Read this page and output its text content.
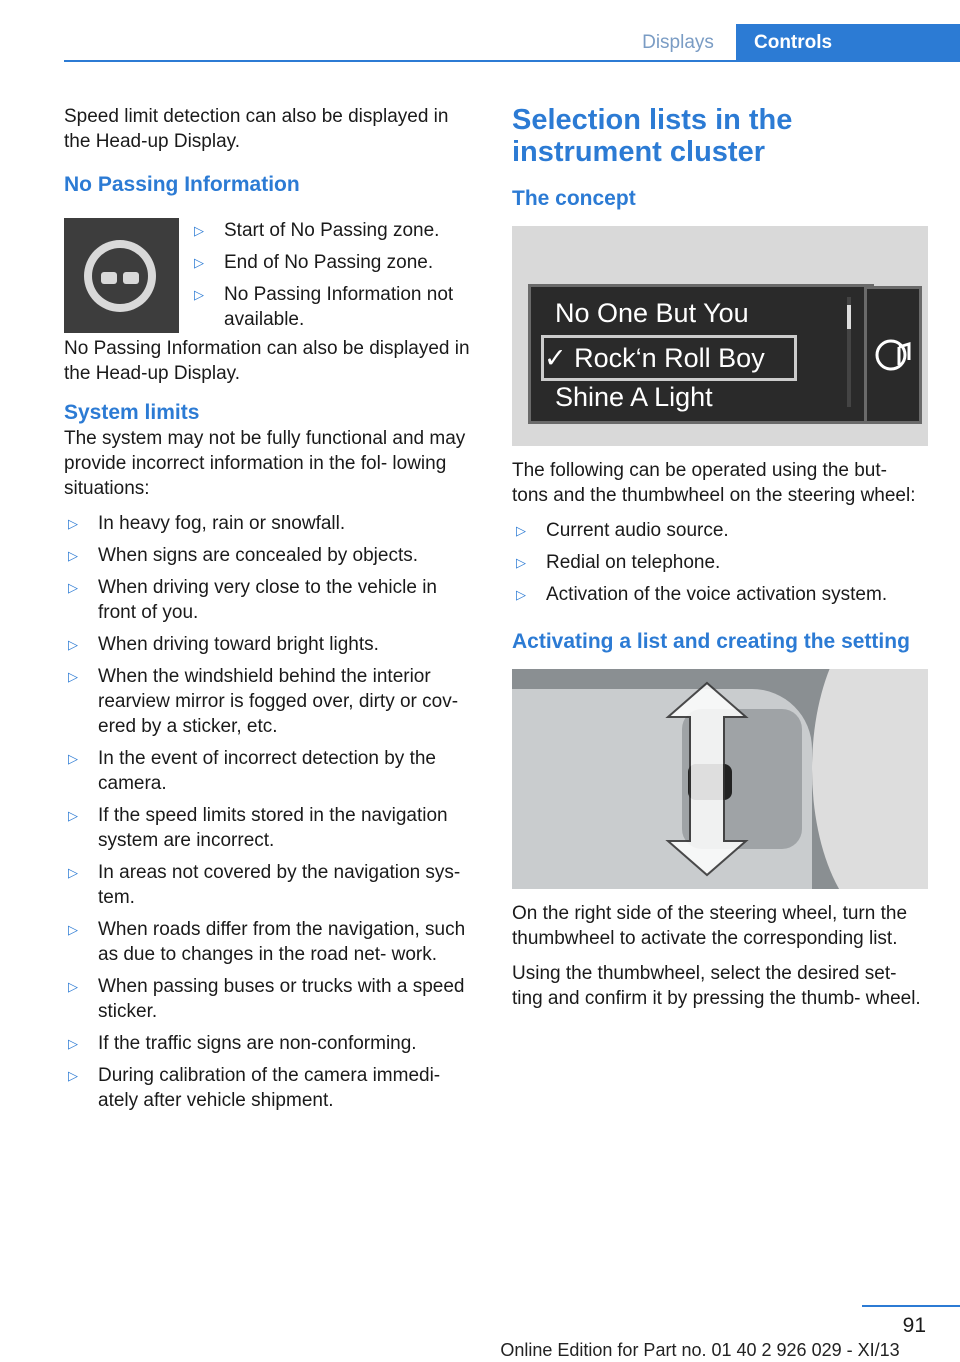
Displays	Controls

Speed limit detection can also be displayed in the Head-up Display.

No Passing Information
▷ Start of No Passing zone.
▷ End of No Passing zone.
▷ No Passing Information not available.

No Passing Information can also be displayed in the Head-up Display.

System limits

The system may not be fully functional and may provide incorrect information in the fol‐ lowing situations:

▷ In heavy fog, rain or snowfall.
▷ When signs are concealed by objects.
▷ When driving very close to the vehicle in front of you.
▷ When driving toward bright lights.
▷ When the windshield behind the interior rearview mirror is fogged over, dirty or cov‐ ered by a sticker, etc.
▷ In the event of incorrect detection by the camera.
▷ If the speed limits stored in the navigation system are incorrect.
▷ In areas not covered by the navigation sys‐ tem.
▷ When roads differ from the navigation, such as due to changes in the road net‐ work.
▷ When passing buses or trucks with a speed sticker.
▷ If the traffic signs are non-conforming.
▷ During calibration of the camera immedi‐ ately after vehicle shipment.
Selection lists in the instrument cluster
The concept
No One But You
✓ Rock‘n Roll Boy
Shine A Light

The following can be operated using the but‐ tons and the thumbwheel on the steering wheel:

▷ Current audio source.
▷ Redial on telephone.
▷ Activation of the voice activation system.
Activating a list and creating the setting

On the right side of the steering wheel, turn the thumbwheel to activate the corresponding list.

Using the thumbwheel, select the desired set‐ ting and confirm it by pressing the thumb‐ wheel.

91
Online Edition for Part no. 01 40 2 926 029 - XI/13
